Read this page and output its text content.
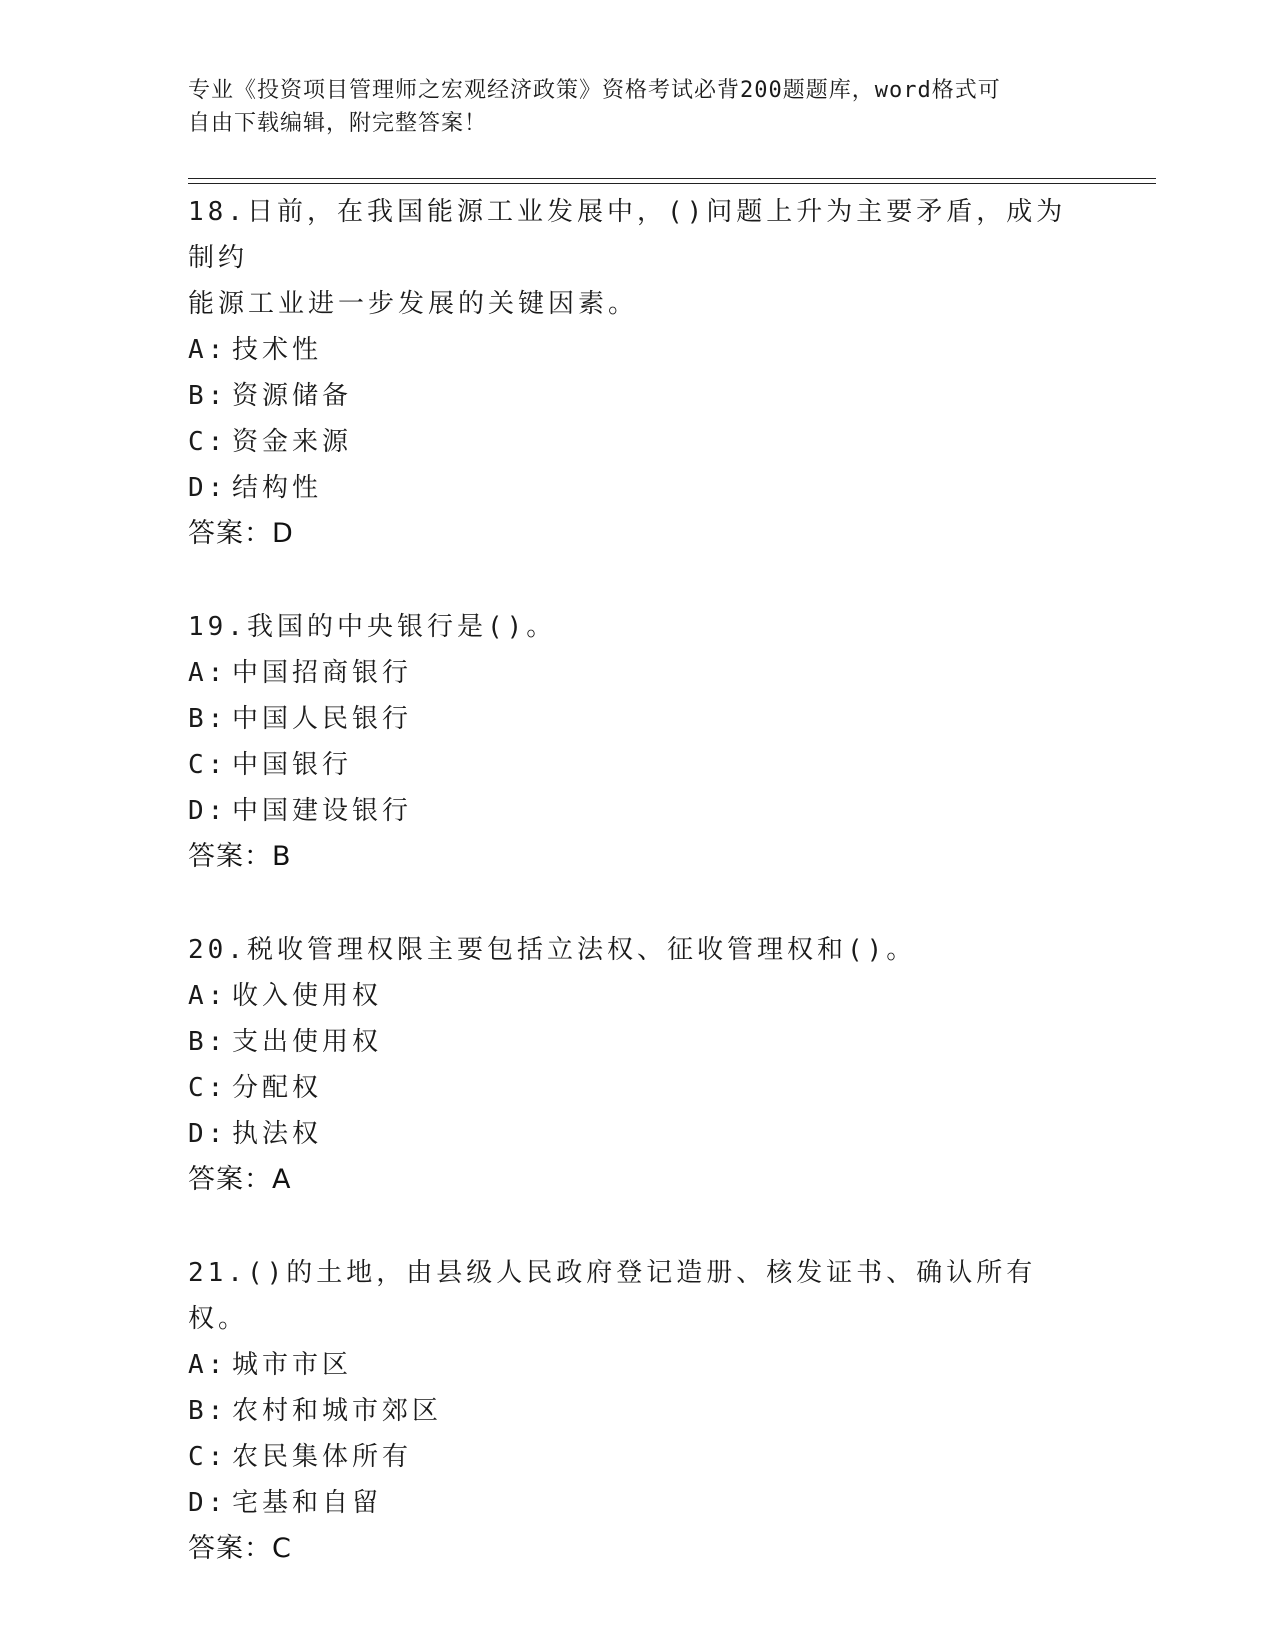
专业《投资项目管理师之宏观经济政策》资格考试必背200题题库，word格式可

自由下载编辑，附完整答案！

18.日前，在我国能源工业发展中，()问题上升为主要矛盾，成为制约

能源工业进一步发展的关键因素。

A: 技术性

B: 资源储备

C: 资金来源

D: 结构性

答案：D

19.我国的中央银行是()。

A: 中国招商银行

B: 中国人民银行

C: 中国银行

D: 中国建设银行

答案：B

20.税收管理权限主要包括立法权、征收管理权和()。

A: 收入使用权

B: 支出使用权

C: 分配权

D: 执法权

答案：A

21.()的土地，由县级人民政府登记造册、核发证书、确认所有权。

A: 城市市区

B: 农村和城市郊区

C: 农民集体所有

D: 宅基和自留

答案：C
